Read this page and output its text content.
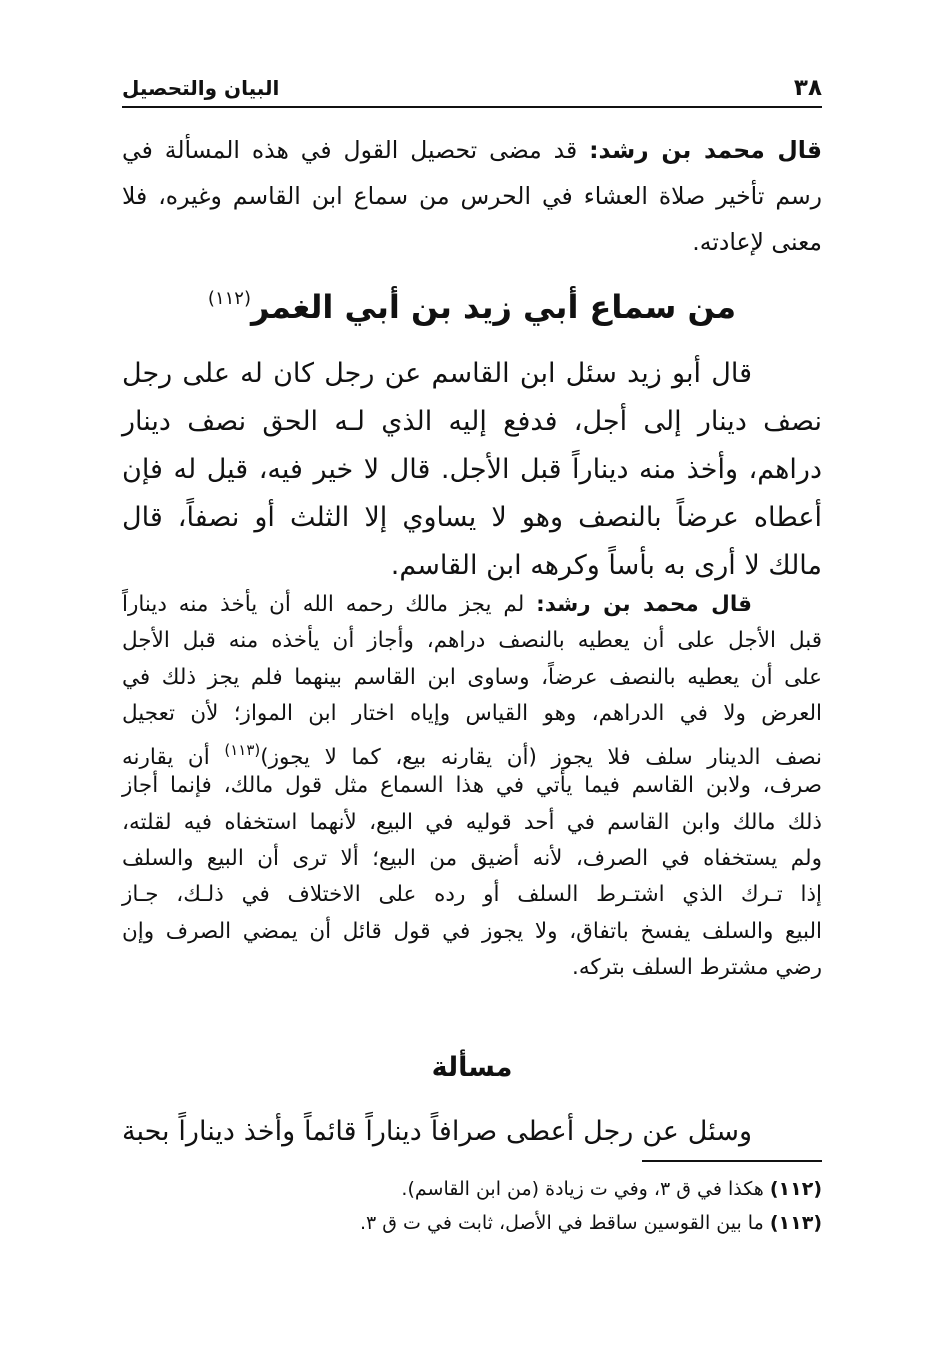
٣٨
البيان والتحصيل
قال محمد بن رشد: قد مضى تحصيل القول في هذه المسألة في
رسم تأخير صلاة العشاء في الحرس من سماع ابن القاسم وغيره، فلا
معنى لإعادته.
من سماع أبي زيد بن أبي الغمر$^{(١١٢)}$
قال أبو زيد سئل ابن القاسم عن رجل كان له على رجل
نصف دينار إلى أجل، فدفع إليه الذي لـه الحق نصف دينار
دراهم، وأخذ منه ديناراً قبل الأجل. قال لا خير فيه، قيل له فإن
أعطاه عرضاً بالنصف وهو لا يساوي إلا الثلث أو نصفاً، قال
مالك لا أرى به بأساً وكرهه ابن القاسم.
قال محمد بن رشد: لم يجز مالك رحمه الله أن يأخذ منه ديناراً
قبل الأجل على أن يعطيه بالنصف دراهم، وأجاز أن يأخذه منه قبل الأجل
على أن يعطيه بالنصف عرضاً، وساوى ابن القاسم بينهما فلم يجز ذلك في
العرض ولا في الدراهم، وهو القياس وإياه اختار ابن المواز؛ لأن تعجيل
نصف الدينار سلف فلا يجوز (أن يقارنه بيع، كما لا يجوز)$^{(١١٣)}$ أن يقارنه
صرف، ولابن القاسم فيما يأتي في هذا السماع مثل قول مالك، فإنما أجاز
ذلك مالك وابن القاسم في أحد قوليه في البيع، لأنهما استخفاه فيه لقلته،
ولم يستخفاه في الصرف، لأنه أضيق من البيع؛ ألا ترى أن البيع والسلف
إذا تـرك الذي اشتـرط السلف أو رده على الاختلاف في ذلـك، جـاز
البيع والسلف يفسخ باتفاق، ولا يجوز في قول قائل أن يمضي الصرف وإن
رضي مشترط السلف بتركه.
مسألة
وسئل عن رجل أعطى صرافاً ديناراً قائماً وأخذ ديناراً بحبة
(١١٢) هكذا في ق ٣، وفي ت زيادة (من ابن القاسم).
(١١٣) ما بين القوسين ساقط في الأصل، ثابت في ت ق ٣.
